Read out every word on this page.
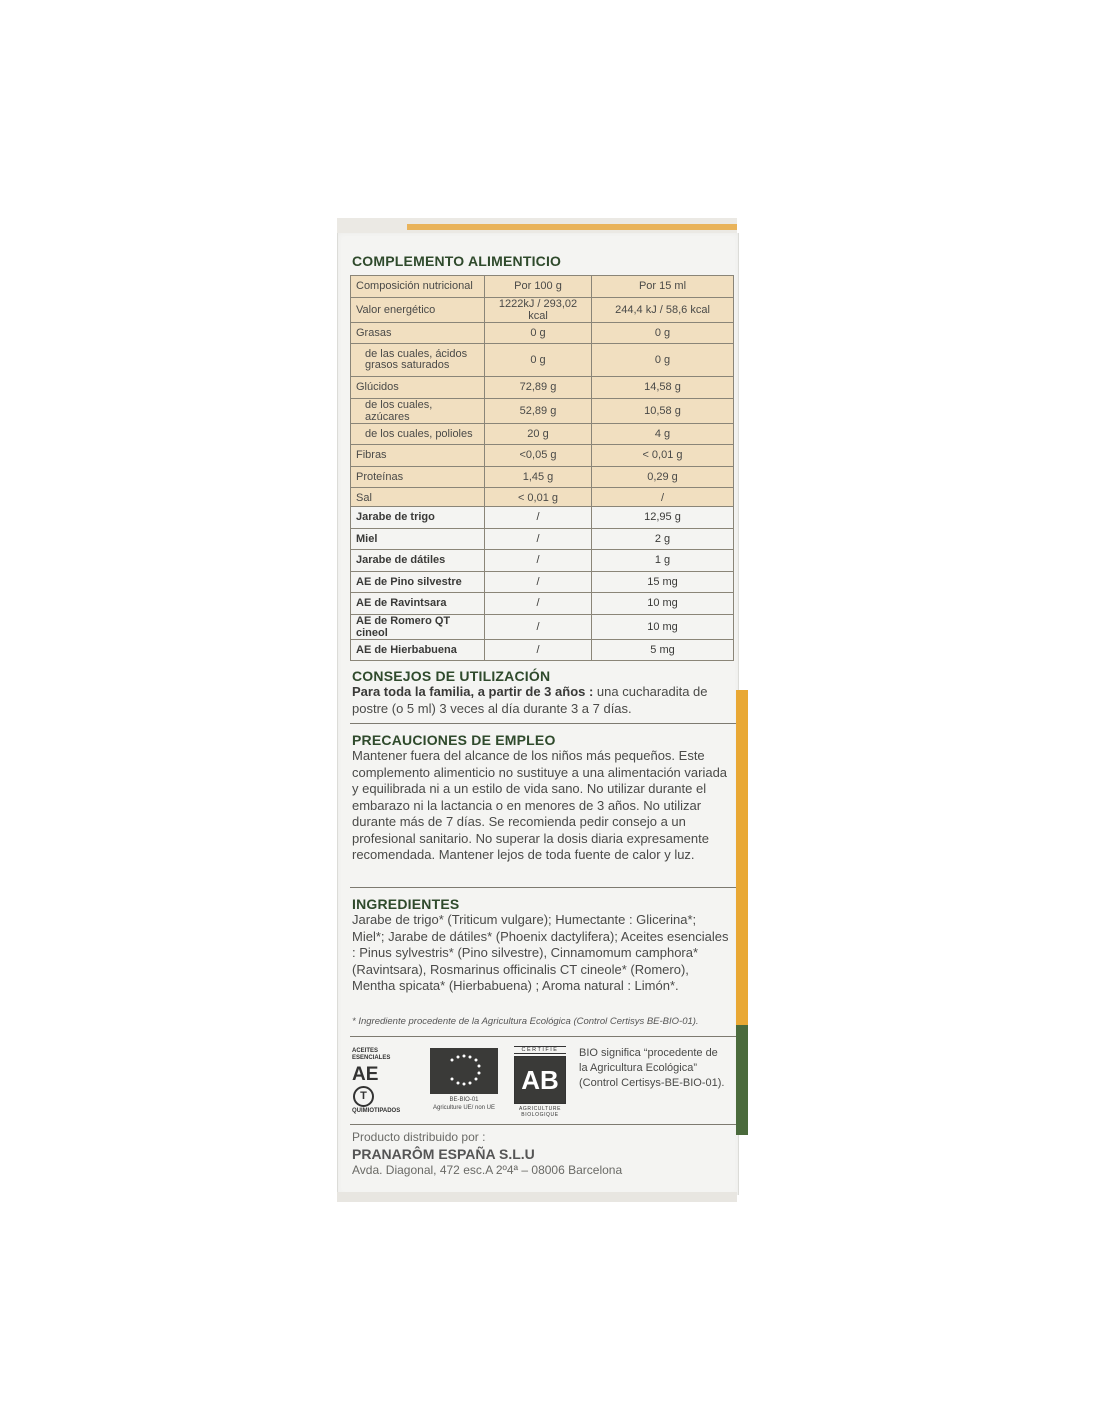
COMPLEMENTO ALIMENTICIO
Composición nutricional	Por 100 g	Por 15 ml
Valor energético	1222kJ / 293,02 kcal	244,4 kJ / 58,6 kcal
Grasas	0 g	0 g
de las cuales, ácidos grasos saturados	0 g	0 g
Glúcidos	72,89 g	14,58 g
de los cuales, azúcares	52,89 g	10,58 g
de los cuales, polioles	20 g	4 g
Fibras	<0,05 g	< 0,01 g
Proteínas	1,45 g	0,29 g
Sal	< 0,01 g	/
Jarabe de trigo	/	12,95 g
Miel	/	2 g
Jarabe de dátiles	/	1 g
AE de Pino silvestre	/	15 mg
AE de Ravintsara	/	10 mg
AE de Romero QT cineol	/	10 mg
AE de Hierbabuena	/	5 mg
CONSEJOS DE UTILIZACIÓN
Para toda la familia, a partir de 3 años : una cucharadita de postre (o 5 ml) 3 veces al día durante 3 a 7 días.
PRECAUCIONES DE EMPLEO
Mantener fuera del alcance de los niños más pequeños. Este complemento alimenticio no sustituye a una alimentación variada y equilibrada ni a un estilo de vida sano. No utilizar durante el embarazo ni la lactancia o en menores de 3 años. No utilizar durante más de 7 días. Se recomienda pedir consejo a un profesional sanitario. No superar la dosis diaria expresamente recomendada. Mantener lejos de toda fuente de calor y luz.
INGREDIENTES
Jarabe de trigo* (Triticum vulgare); Humectante : Glicerina*; Miel*; Jarabe de dátiles* (Phoenix dactylifera); Aceites esenciales : Pinus sylvestris* (Pino silvestre), Cinnamomum camphora* (Ravintsara), Rosmarinus officinalis CT cineole* (Romero), Mentha spicata* (Hierbabuena) ; Aroma natural : Limón*.
* Ingrediente procedente de la Agricultura Ecológica (Control Certisys BE-BIO-01).
ACEITES ESENCIALES
AET
QUIMIOTIPADOS
BE-BIO-01
Agriculture UE/ non UE
CERTIFIÉ
AB
AGRICULTURE
BIOLOGIQUE
BIO significa “procedente de la Agricultura Ecológica” (Control Certisys-BE-BIO-01).
Producto distribuido por :
PRANARÔM ESPAÑA S.L.U
Avda. Diagonal, 472 esc.A 2º4ª – 08006 Barcelona
